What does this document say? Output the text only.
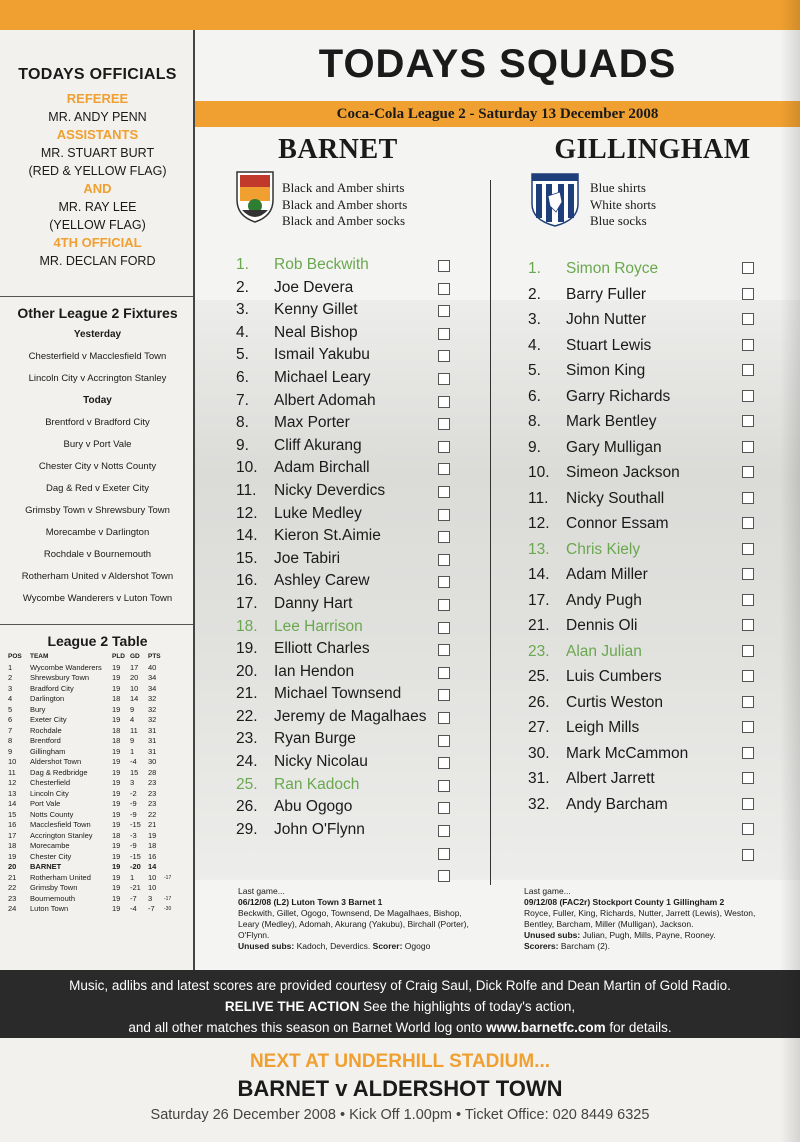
TODAYS OFFICIALS
REFEREE
MR. ANDY PENN
ASSISTANTS
MR. STUART BURT
(RED & YELLOW FLAG)
AND
MR. RAY LEE
(YELLOW FLAG)
4TH OFFICIAL
MR. DECLAN FORD
Other League 2 Fixtures
Yesterday
Chesterfield v Macclesfield Town
Lincoln City v Accrington Stanley
Today
Brentford v Bradford City
Bury v Port Vale
Chester City v Notts County
Dag & Red v Exeter City
Grimsby Town v Shrewsbury Town
Morecambe v Darlington
Rochdale v Bournemouth
Rotherham United v Aldershot Town
Wycombe Wanderers v Luton Town
League 2 Table
POS	TEAM	PLD	GD	PTS	
1	Wycombe Wanderers	19	17	40	
2	Shrewsbury Town	19	20	34	
3	Bradford City	19	10	34	
4	Darlington	18	14	32	
5	Bury	19	9	32	
6	Exeter City	19	4	32	
7	Rochdale	18	11	31	
8	Brentford	18	9	31	
9	Gillingham	19	1	31	
10	Aldershot Town	19	-4	30	
11	Dag & Redbridge	19	15	28	
12	Chesterfield	19	3	23	
13	Lincoln City	19	-2	23	
14	Port Vale	19	-9	23	
15	Notts County	19	-9	22	
16	Macclesfield Town	19	-15	21	
17	Accrington Stanley	18	-3	19	
18	Morecambe	19	-9	18	
19	Chester City	19	-15	16	
20	BARNET	19	-20	14	
21	Rotherham United	19	1	10	-17
22	Grimsby Town	19	-21	10	
23	Bournemouth	19	-7	3	-17
24	Luton Town	19	-4	-7	-30
TODAYS SQUADS
Coca-Cola League 2 - Saturday 13 December 2008
BARNET
Black and Amber shirts
Black and Amber shorts
Black and Amber socks
GILLINGHAM
Blue shirts
White shorts
Blue socks
1. Rob Beckwith
2. Joe Devera
3. Kenny Gillet
4. Neal Bishop
5. Ismail Yakubu
6. Michael Leary
7. Albert Adomah
8. Max Porter
9. Cliff Akurang
10. Adam Birchall
11. Nicky Deverdics
12. Luke Medley
14. Kieron St.Aimie
15. Joe Tabiri
16. Ashley Carew
17. Danny Hart
18. Lee Harrison
19. Elliott Charles
20. Ian Hendon
21. Michael Townsend
22. Jeremy de Magalhaes
23. Ryan Burge
24. Nicky Nicolau
25. Ran Kadoch
26. Abu Ogogo
29. John O'Flynn
1. Simon Royce
2. Barry Fuller
3. John Nutter
4. Stuart Lewis
5. Simon King
6. Garry Richards
8. Mark Bentley
9. Gary Mulligan
10. Simeon Jackson
11. Nicky Southall
12. Connor Essam
13. Chris Kiely
14. Adam Miller
17. Andy Pugh
21. Dennis Oli
23. Alan Julian
25. Luis Cumbers
26. Curtis Weston
27. Leigh Mills
30. Mark McCammon
31. Albert Jarrett
32. Andy Barcham
Last game...
06/12/08 (L2) Luton Town 3 Barnet 1
Beckwith, Gillet, Ogogo, Townsend, De Magalhaes, Bishop, Leary (Medley), Adomah, Akurang (Yakubu), Birchall (Porter), O'Flynn.
Unused subs: Kadoch, Deverdics. Scorer: Ogogo
Last game...
09/12/08 (FAC2r) Stockport County 1 Gillingham 2
Royce, Fuller, King, Richards, Nutter, Jarrett (Lewis), Weston, Bentley, Barcham, Miller (Mulligan), Jackson.
Unused subs: Julian, Pugh, Mills, Payne, Rooney.
Scorers: Barcham (2).
Music, adlibs and latest scores are provided courtesy of Craig Saul, Dick Rolfe and Dean Martin of Gold Radio.
RELIVE THE ACTION See the highlights of today's action,
and all other matches this season on Barnet World log onto www.barnetfc.com for details.
NEXT AT UNDERHILL STADIUM...
BARNET v ALDERSHOT TOWN
Saturday 26 December 2008 • Kick Off 1.00pm • Ticket Office: 020 8449 6325
